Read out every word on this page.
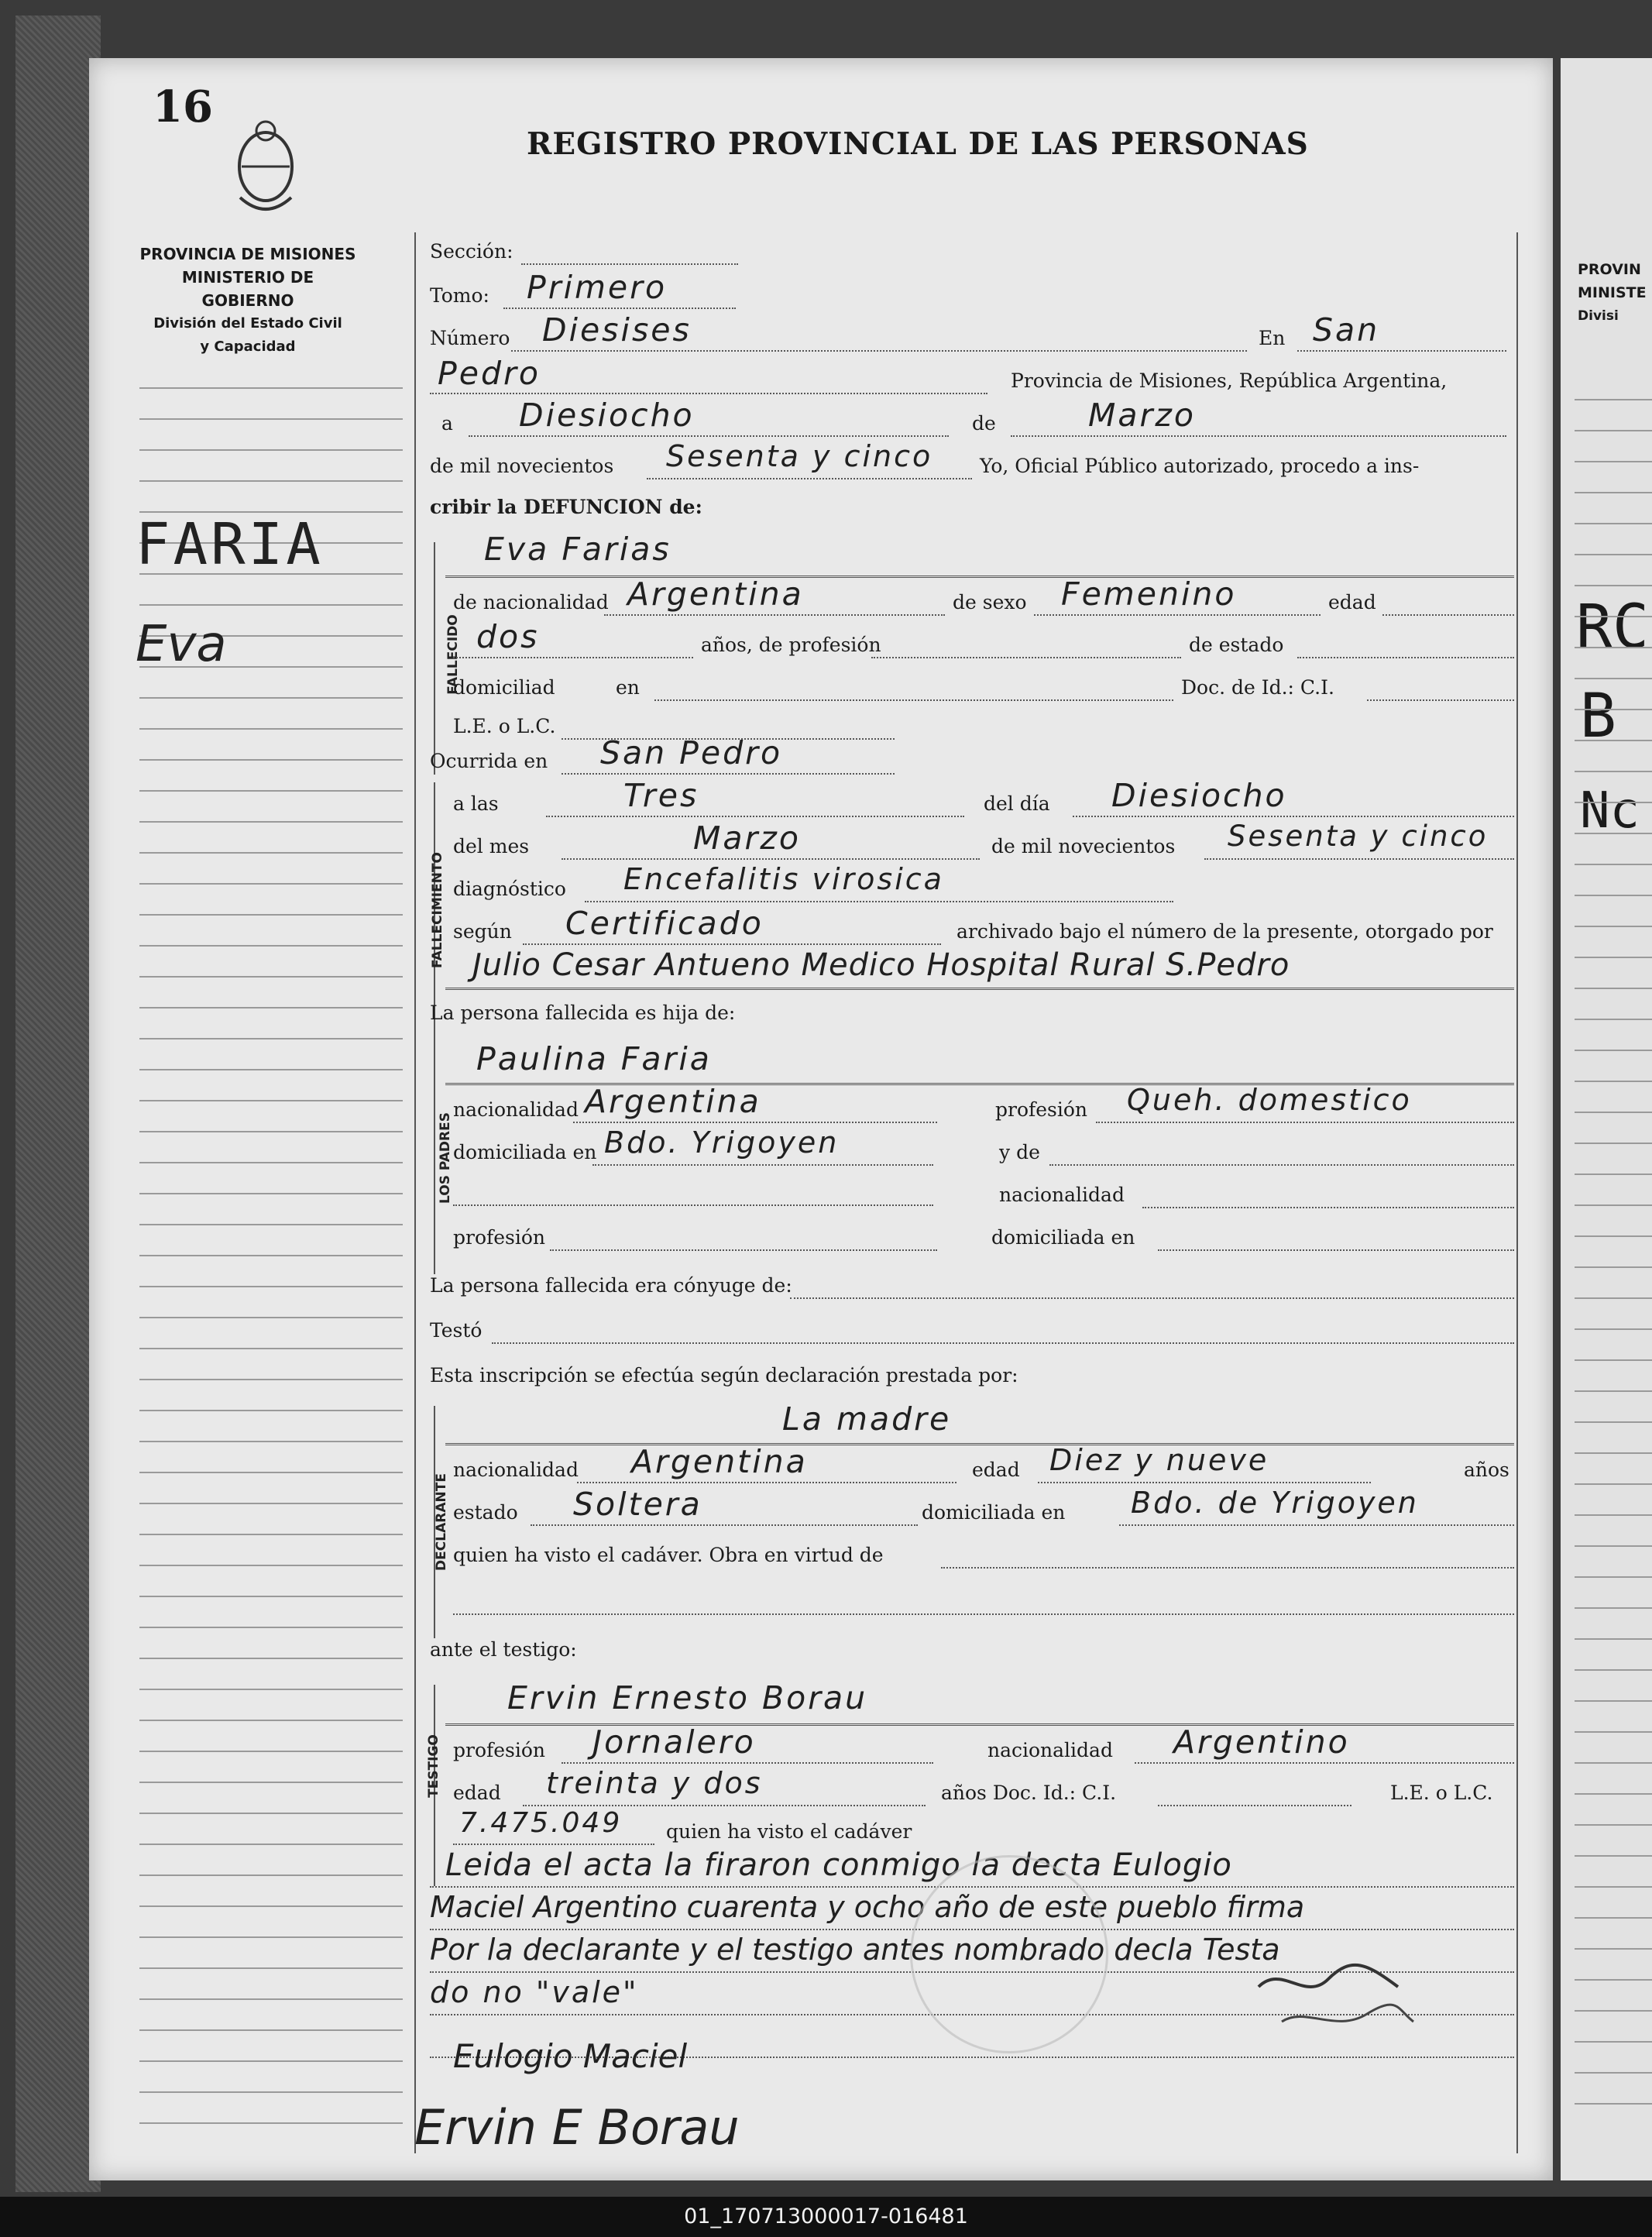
16
REGISTRO PROVINCIAL DE LAS PERSONAS
PROVINCIA DE MISIONES
MINISTERIO DE GOBIERNO
División del Estado Civil
y Capacidad
FARIA
Eva
Sección:
Tomo: Primero
Número Diesises	En San
Pedro	Provincia de Misiones, República Argentina,
a Diesiocho	de	Marzo
de mil novecientos Sesenta y cinco Yo, Oficial Público autorizado, procedo a ins-
cribir la DEFUNCION de:
FALLECIDO
Eva Farias
de nacionalidad Argentina	de sexo Femenino	edad
dos	años, de profesión	de estado
domiciliad	en	Doc. de Id.: C.I.
L.E. o L.C.
Ocurrida en San Pedro
FALLECIMIENTO
a las	Tres	del día Diesiocho
del mes	Marzo	de mil novecientos Sesenta y cinco
diagnóstico Encefalitis virosica
según Certificado	archivado bajo el número de la presente, otorgado por
Julio Cesar Antueno Medico Hospital Rural S.Pedro
La persona fallecida es hija de:
LOS PADRES
Paulina Faria
nacionalidad Argentina	profesión Queh. domestico
domiciliada en Bdo. Yrigoyen	y de
nacionalidad
profesión	domiciliada en
La persona fallecida era cónyuge de:
Testó
Esta inscripción se efectúa según declaración prestada por:
DECLARANTE
La madre
nacionalidad Argentina	edad Diez y nueve	años
estado Soltera	domiciliada en Bdo. de Yrigoyen
quien ha visto el cadáver. Obra en virtud de
ante el testigo:
TESTIGO
Ervin Ernesto Borau
profesión Jornalero	nacionalidad Argentino
edad treinta y dos	años Doc. Id.: C.I.	L.E. o L.C.
7.475.049 quien ha visto el cadáver
Leida el acta la firaron conmigo la decta Eulogio
Maciel Argentino cuarenta y ocho año de este pueblo firma
Por la declarante y el testigo antes nombrado decla Testa
do no "vale"
Eulogio Maciel
Ervin E Borau
PROVIN
MINISTE
Divisi
RC
B
Nc
01_170713000017-016481
